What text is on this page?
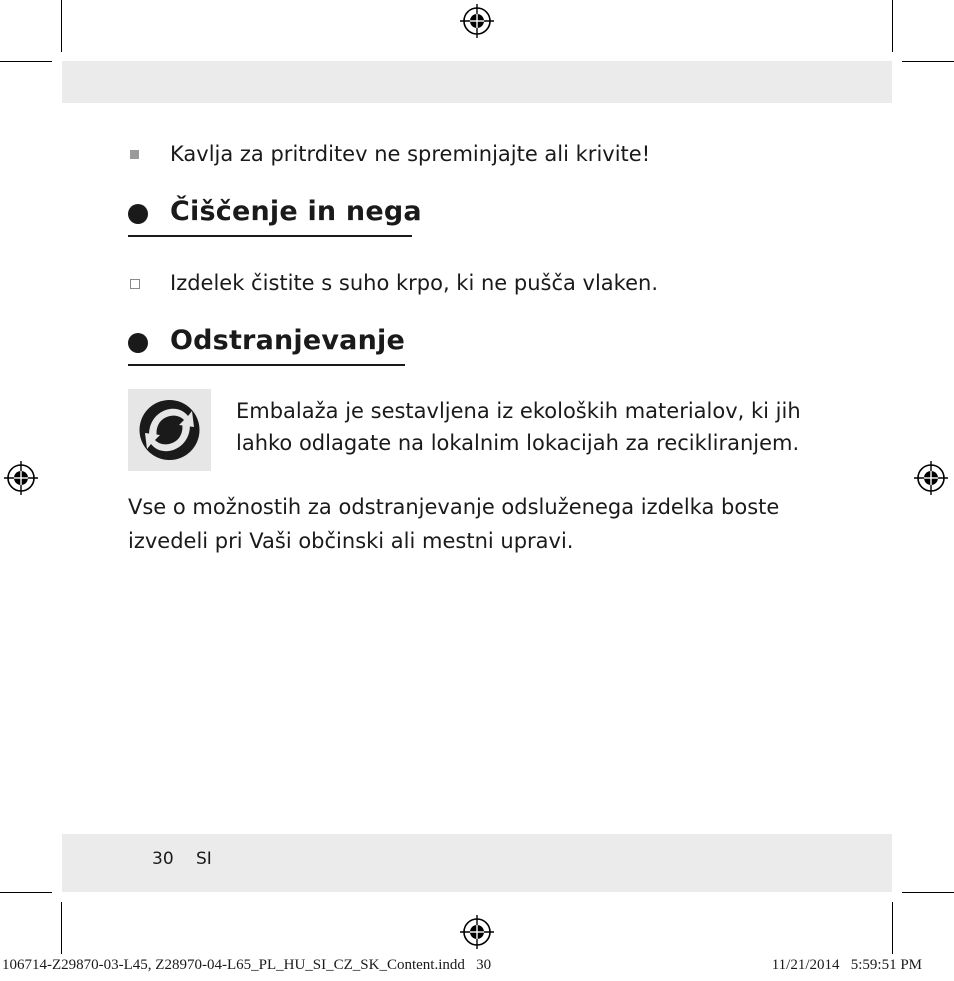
Kavlja za pritrditev ne spreminjajte ali krivite!
Čiščenje in nega
Izdelek čistite s suho krpo, ki ne pušča vlaken.
Odstranjevanje
Embalaža je sestavljena iz ekoloških materialov, ki jih
lahko odlagate na lokalnim lokacijah za recikliranjem.
Vse o možnostih za odstranjevanje odsluženega izdelka boste
izvedeli pri Vaši občinski ali mestni upravi.
30 SI
106714-Z29870-03-L45, Z28970-04-L65_PL_HU_SI_CZ_SK_Content.indd   30	11/21/2014   5:59:51 PM
